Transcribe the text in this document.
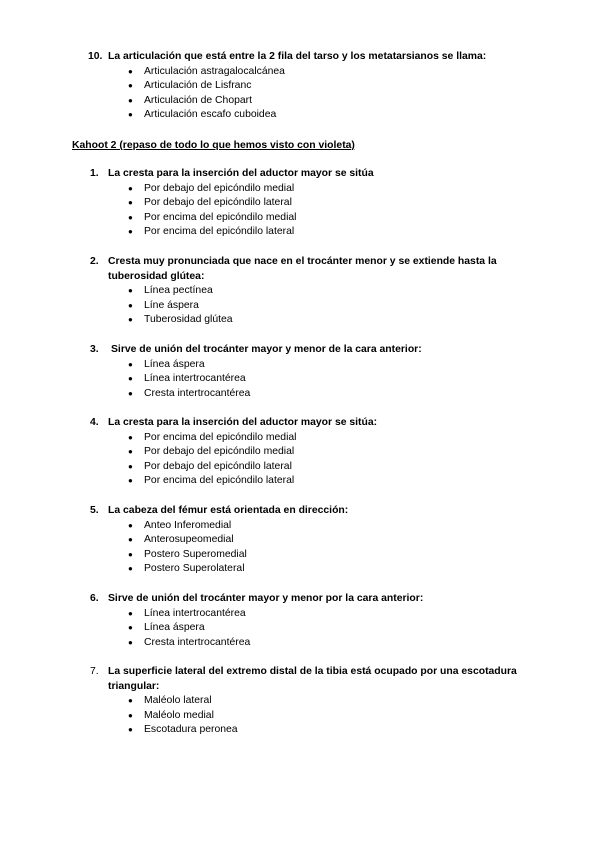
10. La articulación que está entre la 2 fila del tarso y los metatarsianos se llama:
● Articulación astragalocalcánea
● Articulación de Lisfranc
● Articulación de Chopart
● Articulación escafo cuboidea
Kahoot 2 (repaso de todo lo que hemos visto con violeta)
1. La cresta para la inserción del aductor mayor se sitúa
● Por debajo del epicóndilo medial
● Por debajo del epicóndilo lateral
● Por encima del epicóndilo medial
● Por encima del epicóndilo lateral
2. Cresta muy pronunciada que nace en el trocánter menor y se extiende hasta la tuberosidad glútea:
● Línea pectínea
● Líne áspera
● Tuberosidad glútea
3. Sirve de unión del trocánter mayor y menor de la cara anterior:
● Línea áspera
● Línea intertrocantérea
● Cresta intertrocantérea
4. La cresta para la inserción del aductor mayor se sitúa:
● Por encima del epicóndilo medial
● Por debajo del epicóndilo medial
● Por debajo del epicóndilo lateral
● Por encima del epicóndilo lateral
5. La cabeza del fémur está orientada en dirección:
● Anteo Inferomedial
● Anterosupeomedial
● Postero Superomedial
● Postero Superolateral
6. Sirve de unión del trocánter mayor y menor por la cara anterior:
● Línea intertrocantérea
● Línea áspera
● Cresta intertrocantérea
7. La superficie lateral del extremo distal de la tibia está ocupado por una escotadura triangular:
● Maléolo lateral
● Maléolo medial
● Escotadura peronea
